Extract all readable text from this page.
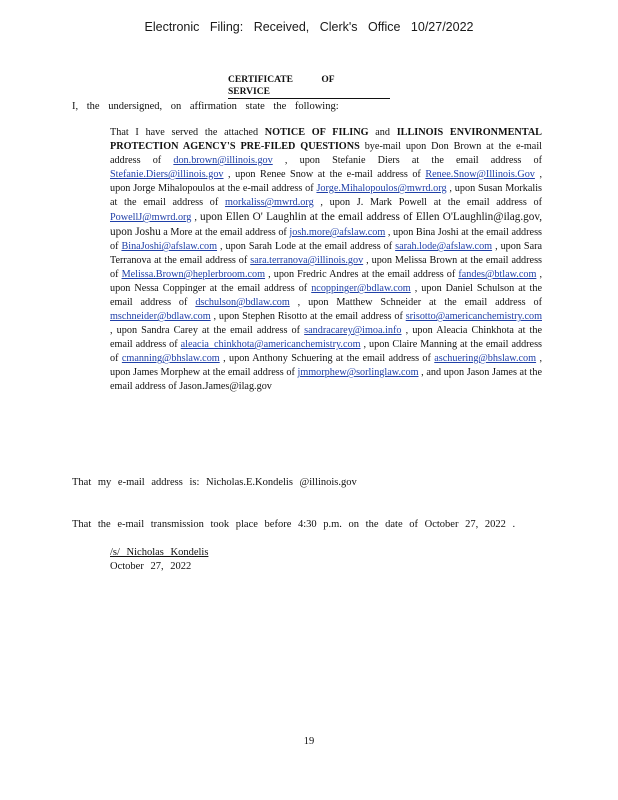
Electronic Filing: Received, Clerk's Office 10/27/2022
CERTIFICATE OF SERVICE
I, the undersigned, on affirmation state the following:
That I have served the attached NOTICE OF FILING and ILLINOIS ENVIRONMENTAL PROTECTION AGENCY'S PRE-FILED QUESTIONS bye-mail upon Don Brown at the e-mail address of don.brown@illinois.gov , upon Stefanie Diers at the email address of Stefanie.Diers@illinois.gov , upon Renee Snow at the e-mail address of Renee.Snow@Illinois.Gov , upon Jorge Mihalopoulos at the e-mail address of Jorge.Mihalopoulos@mwrd.org , upon Susan Morkalis at the email address of morkaliss@mwrd.org , upon J. Mark Powell at the email address of PowellJ@mwrd.org , upon Ellen O' Laughlin at the email address of Ellen O'Laughlin@ilag.gov, upon Joshu a More at the email address of josh.more@afslaw.com , upon Bina Joshi at the email address of BinaJoshi@afslaw.com , upon Sarah Lode at the email address of sarah.lode@afslaw.com , upon Sara Terranova at the email address of sara.terranova@illinois.gov , upon Melissa Brown at the email address of Melissa.Brown@heplerbroom.com , upon Fredric Andres at the email address of fandes@btlaw.com , upon Nessa Coppinger at the email address of ncoppinger@bdlaw.com , upon Daniel Schulson at the email address of dschulson@bdlaw.com , upon Matthew Schneider at the email address of mschneider@bdlaw.com , upon Stephen Risotto at the email address of srisotto@americanchemistry.com , upon Sandra Carey at the email address of sandracarey@imoa.info , upon Aleacia Chinkhota at the email address of aleacia_chinkhota@americanchemistry.com , upon Claire Manning at the email address of cmanning@bhslaw.com , upon Anthony Schuering at the email address of aschuering@bhslaw.com , upon James Morphew at the email address of jmmorphew@sorlinglaw.com , and upon Jason James at the email address of Jason.James@ilag.gov
That my e-mail address is: Nicholas.E.Kondelis @illinois.gov
That the e-mail transmission took place before 4:30 p.m. on the date of October 27, 2022 .
/s/ Nicholas Kondelis
October 27, 2022
19
